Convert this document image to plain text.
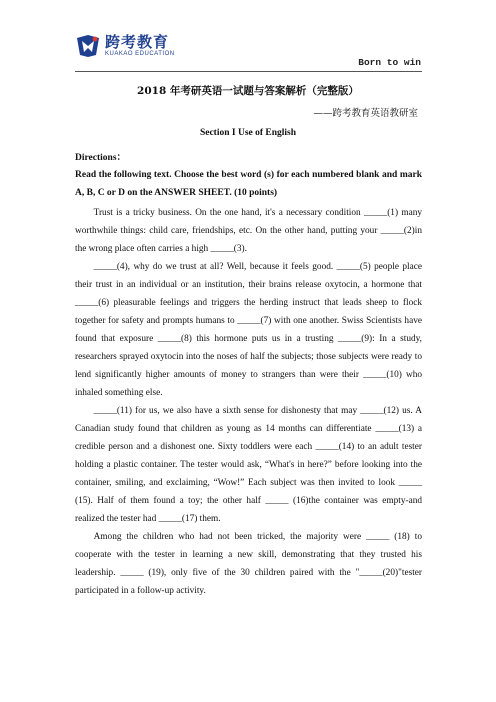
跨考教育
KUAKAO EDUCATION
Born to win
2018 年考研英语一试题与答案解析（完整版）
——跨考教育英语教研室
Section I Use of English
Directions：
Read the following text. Choose the best word (s) for each numbered blank and mark A, B, C or D on the ANSWER SHEET. (10 points)

Trust is a tricky business. On the one hand, it's a necessary condition _____(1) many worthwhile things: child care, friendships, etc. On the other hand, putting your _____(2)in the wrong place often carries a high _____(3).

_____(4), why do we trust at all? Well, because it feels good. _____(5) people place their trust in an individual or an institution, their brains release oxytocin, a hormone that _____(6) pleasurable feelings and triggers the herding instruct that leads sheep to flock together for safety and prompts humans to _____(7) with one another. Swiss Scientists have found that exposure _____(8) this hormone puts us in a trusting _____(9): In a study, researchers sprayed oxytocin into the noses of half the subjects; those subjects were ready to lend significantly higher amounts of money to strangers than were their _____(10) who inhaled something else.

_____(11) for us, we also have a sixth sense for dishonesty that may _____(12) us. A Canadian study found that children as young as 14 months can differentiate _____(13) a credible person and a dishonest one. Sixty toddlers were each _____(14) to an adult tester holding a plastic container. The tester would ask, “What's in here?” before looking into the container, smiling, and exclaiming, “Wow!” Each subject was then invited to look _____ (15). Half of them found a toy; the other half _____ (16)the container was empty-and realized the tester had _____(17) them.

Among the children who had not been tricked, the majority were _____ (18) to cooperate with the tester in learning a new skill, demonstrating that they trusted his leadership. _____ (19), only five of the 30 children paired with the "_____(20)"tester participated in a follow-up activity.
